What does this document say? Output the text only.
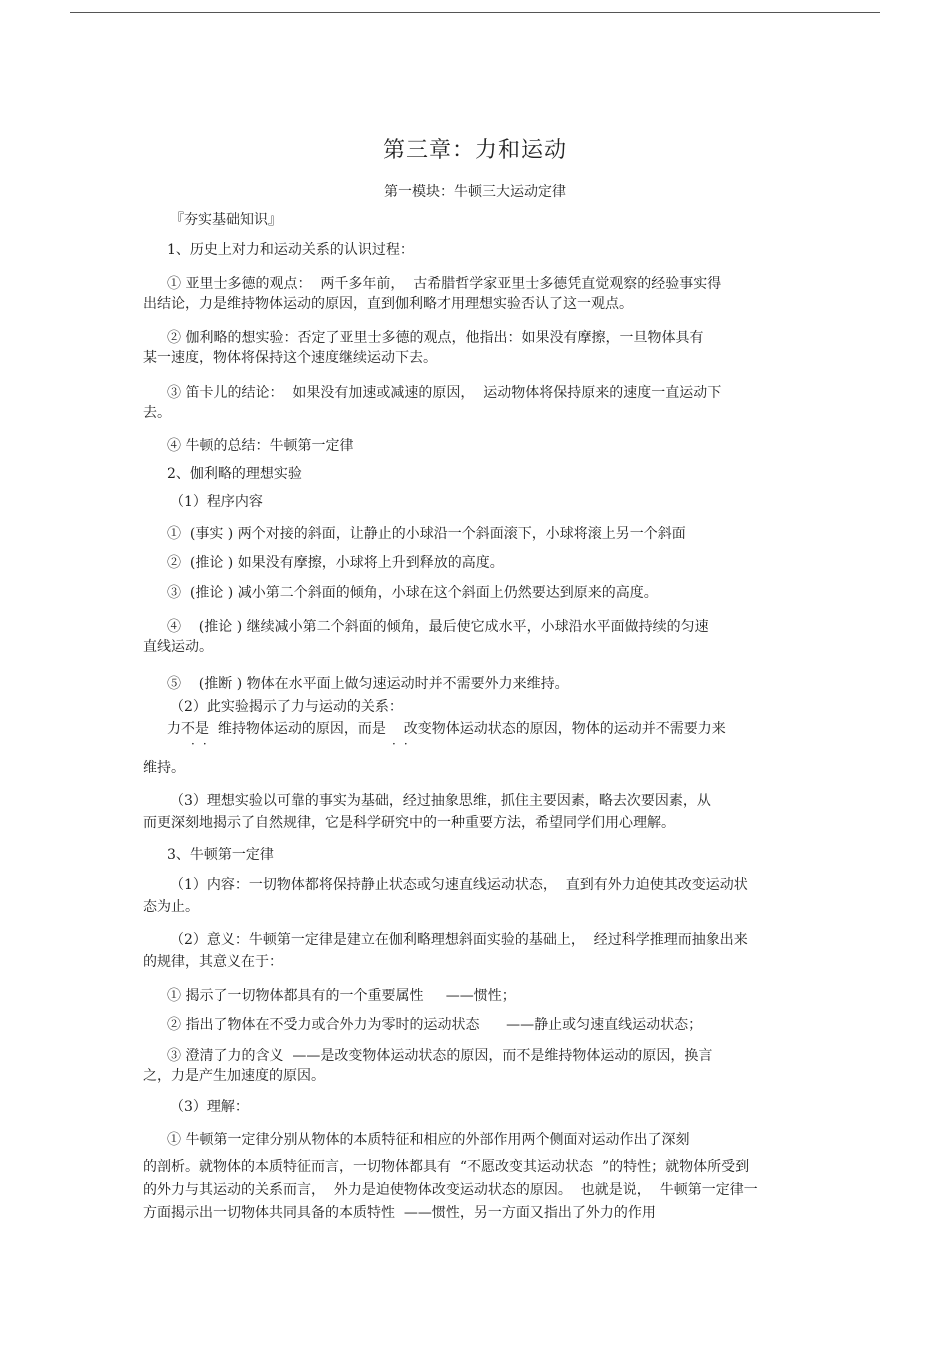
第三章：力和运动
第一模块：牛顿三大运动定律
『夯实基础知识』
1、历史上对力和运动关系的认识过程：
① 亚里士多德的观点：  两千多年前，  古希腊哲学家亚里士多德凭直觉观察的经验事实得
出结论，力是维持物体运动的原因，直到伽利略才用理想实验否认了这一观点。
② 伽利略的想实验：否定了亚里士多德的观点，他指出：如果没有摩擦，一旦物体具有
某一速度，物体将保持这个速度继续运动下去。
③ 笛卡儿的结论：  如果没有加速或减速的原因，  运动物体将保持原来的速度一直运动下
去。
④ 牛顿的总结：牛顿第一定律
2、伽利略的理想实验
（1）程序内容
①  (事实 ) 两个对接的斜面，让静止的小球沿一个斜面滚下，小球将滚上另一个斜面
②  (推论 ) 如果没有摩擦，小球将上升到释放的高度。
③  (推论 ) 减小第二个斜面的倾角，小球在这个斜面上仍然要达到原来的高度。
④    (推论 ) 继续减小第二个斜面的倾角，最后使它成水平，小球沿水平面做持续的匀速
直线运动。
⑤    (推断 ) 物体在水平面上做匀速运动时并不需要外力来维持。
（2）此实验揭示了力与运动的关系：
力不是  维持物体运动的原因，而是    改变物体运动状态的原因，物体的运动并不需要力来
··	··
维持。
（3）理想实验以可靠的事实为基础，经过抽象思维，抓住主要因素，略去次要因素，从
而更深刻地揭示了自然规律，它是科学研究中的一种重要方法，希望同学们用心理解。
3、牛顿第一定律
（1）内容：一切物体都将保持静止状态或匀速直线运动状态，  直到有外力迫使其改变运动状
态为止。
（2）意义：牛顿第一定律是建立在伽利略理想斜面实验的基础上，  经过科学推理而抽象出来
的规律，其意义在于：
① 揭示了一切物体都具有的一个重要属性     ——惯性；
② 指出了物体在不受力或合外力为零时的运动状态      ——静止或匀速直线运动状态；
③ 澄清了力的含义  ——是改变物体运动状态的原因，而不是维持物体运动的原因，换言
之，力是产生加速度的原因。
（3）理解：
① 牛顿第一定律分别从物体的本质特征和相应的外部作用两个侧面对运动作出了深刻
的剖析。就物体的本质特征而言，一切物体都具有  “不愿改变其运动状态  ”的特性；就物体所受到
的外力与其运动的关系而言，  外力是迫使物体改变运动状态的原因。  也就是说，  牛顿第一定律一
方面揭示出一切物体共同具备的本质特性  ——惯性，另一方面又指出了外力的作用
